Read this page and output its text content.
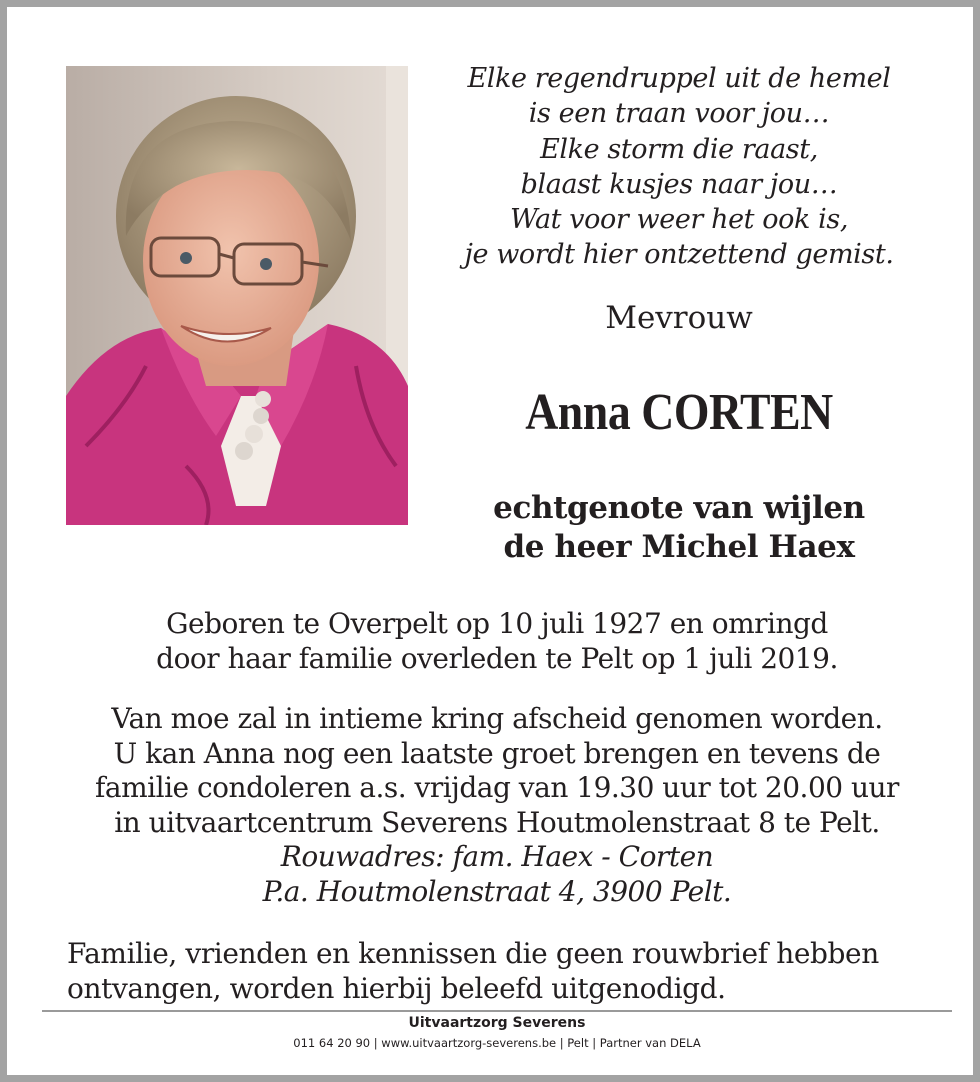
Elke regendruppel uit de hemel
is een traan voor jou…
Elke storm die raast,
blaast kusjes naar jou…
Wat voor weer het ook is,
je wordt hier ontzettend gemist.
Mevrouw
Anna CORTEN
echtgenote van wijlen
de heer Michel Haex
Geboren te Overpelt op 10 juli 1927 en omringd
door haar familie overleden te Pelt op 1 juli 2019.
Van moe zal in intieme kring afscheid genomen worden.
U kan Anna nog een laatste groet brengen en tevens de
familie condoleren a.s. vrijdag van 19.30 uur tot 20.00 uur
in uitvaartcentrum Severens Houtmolenstraat 8 te Pelt.
Rouwadres: fam. Haex - Corten
P.a. Houtmolenstraat 4, 3900 Pelt.
Familie, vrienden en kennissen die geen rouwbrief hebben
ontvangen, worden hierbij beleefd uitgenodigd.
Uitvaartzorg Severens
011 64 20 90 | www.uitvaartzorg-severens.be | Pelt | Partner van DELA
